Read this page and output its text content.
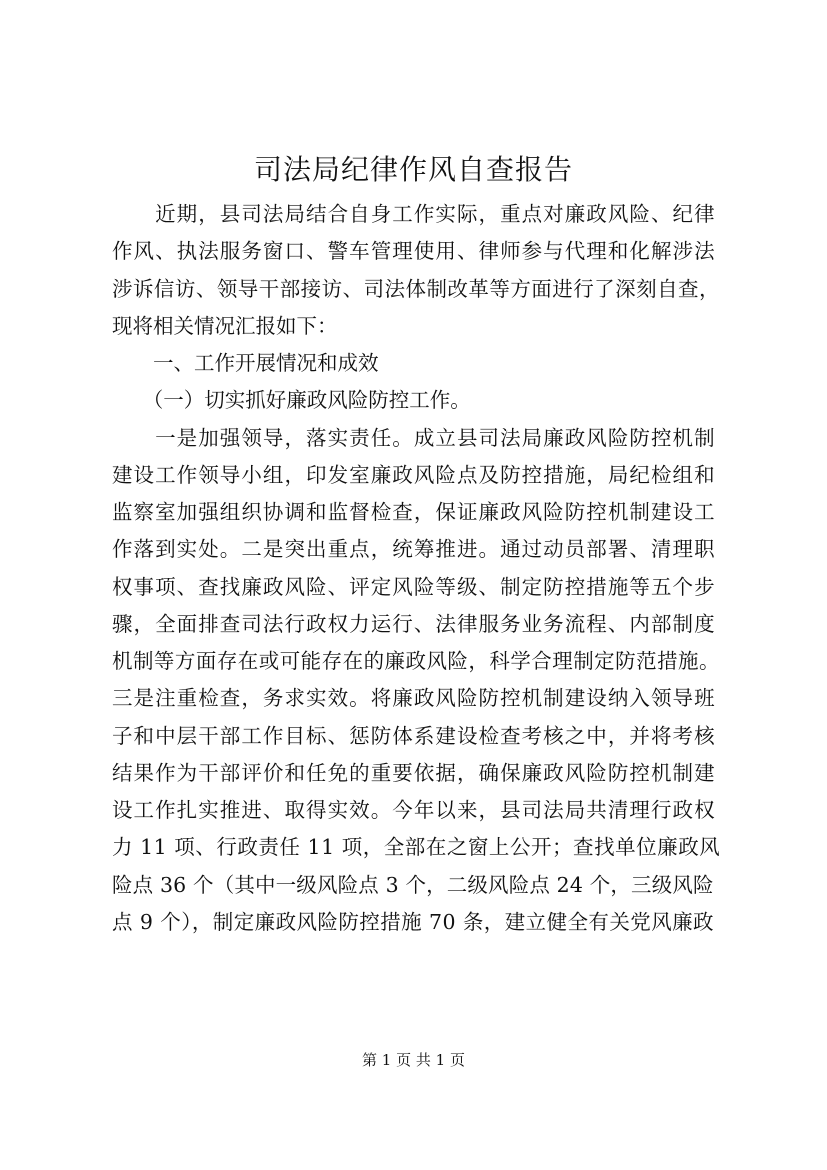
司法局纪律作风自查报告
　　近期，县司法局结合自身工作实际，重点对廉政风险、纪律
作风、执法服务窗口、警车管理使用、律师参与代理和化解涉法
涉诉信访、领导干部接访、司法体制改革等方面进行了深刻自查，
现将相关情况汇报如下：
　　一、工作开展情况和成效
　　（一）切实抓好廉政风险防控工作。
　　一是加强领导，落实责任。成立县司法局廉政风险防控机制
建设工作领导小组，印发室廉政风险点及防控措施，局纪检组和
监察室加强组织协调和监督检查，保证廉政风险防控机制建设工
作落到实处。二是突出重点，统筹推进。通过动员部署、清理职
权事项、查找廉政风险、评定风险等级、制定防控措施等五个步
骤，全面排查司法行政权力运行、法律服务业务流程、内部制度
机制等方面存在或可能存在的廉政风险，科学合理制定防范措施。
三是注重检查，务求实效。将廉政风险防控机制建设纳入领导班
子和中层干部工作目标、惩防体系建设检查考核之中，并将考核
结果作为干部评价和任免的重要依据，确保廉政风险防控机制建
设工作扎实推进、取得实效。今年以来，县司法局共清理行政权
力 11 项、行政责任 11 项，全部在之窗上公开；查找单位廉政风
险点 36 个（其中一级风险点 3 个，二级风险点 24 个，三级风险
点 9 个），制定廉政风险防控措施 70 条，建立健全有关党风廉政
第 1 页 共 1 页
